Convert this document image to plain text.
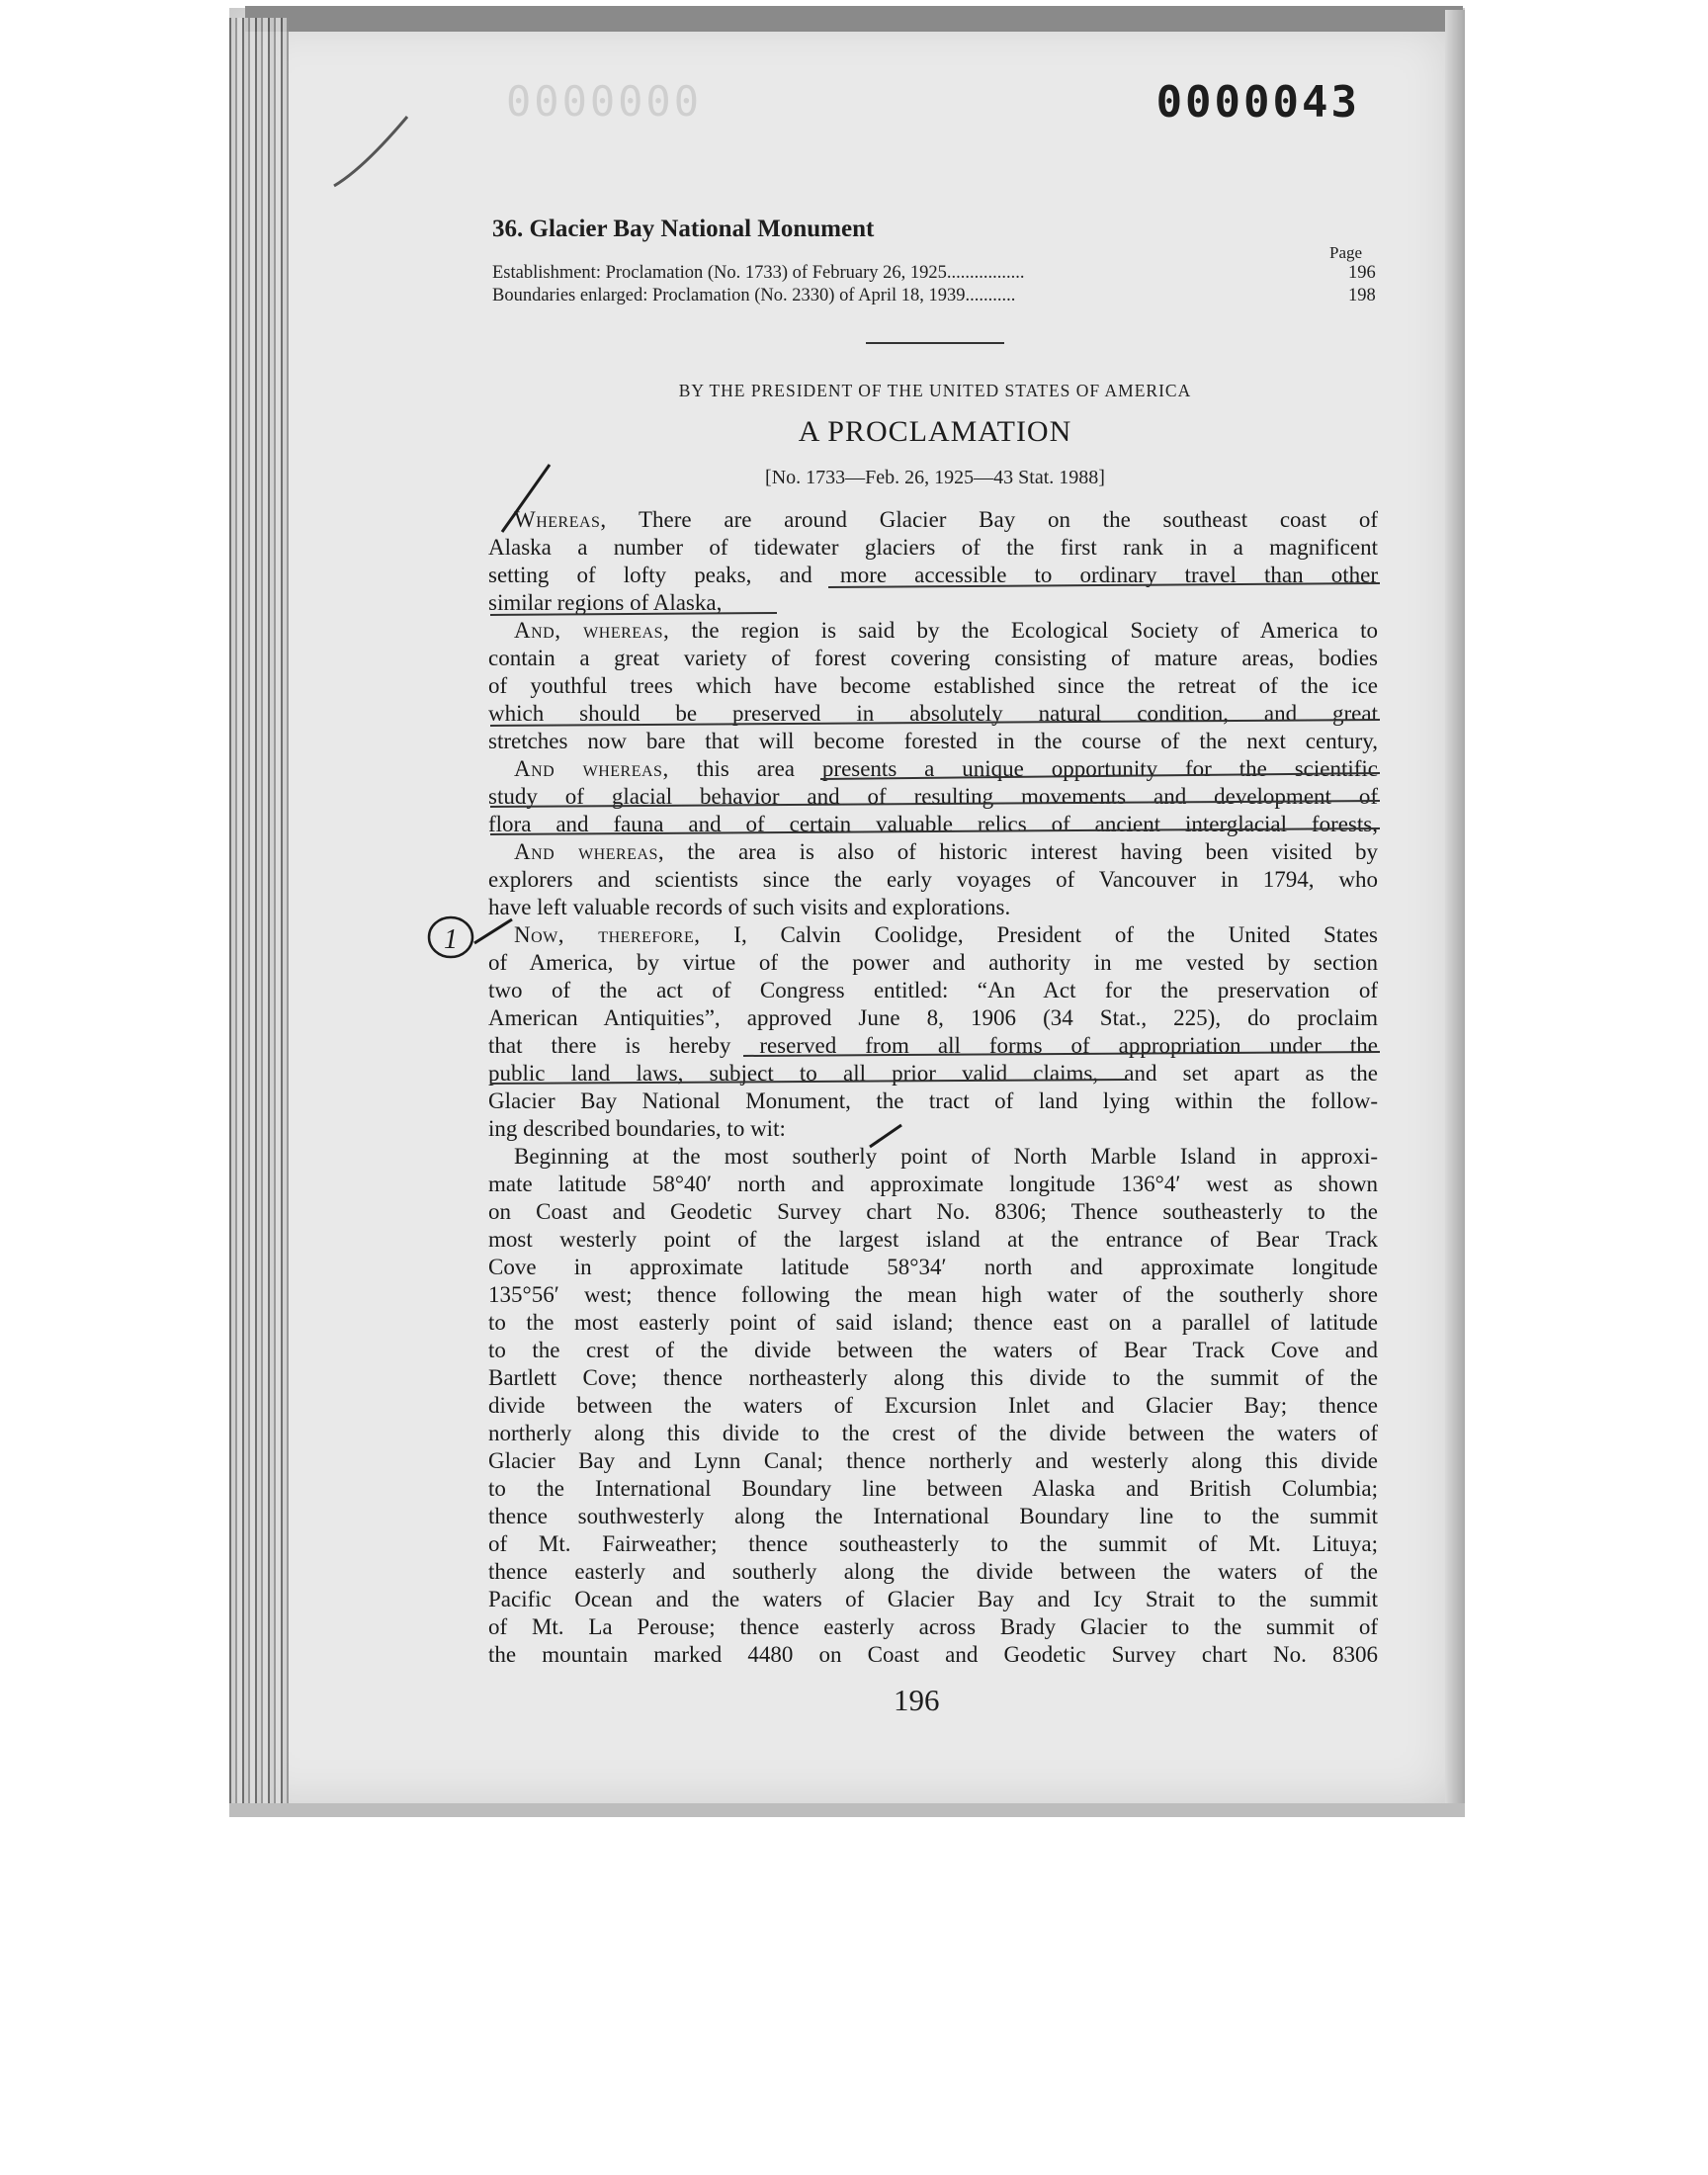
0000000	0000043
36. Glacier Bay National Monument
Page
Establishment: Proclamation (No. 1733) of February 26, 1925.................	196
Boundaries enlarged: Proclamation (No. 2330) of April 18, 1939...........	198
BY THE PRESIDENT OF THE UNITED STATES OF AMERICA
A PROCLAMATION
[No. 1733—Feb. 26, 1925—43 Stat. 1988]
Whereas, There are around Glacier Bay on the southeast coast of
Alaska a number of tidewater glaciers of the first rank in a magnificent
setting of lofty peaks, and more accessible to ordinary travel than other
similar regions of Alaska,
And, whereas, the region is said by the Ecological Society of America to
contain a great variety of forest covering consisting of mature areas, bodies
of youthful trees which have become established since the retreat of the ice
which should be preserved in absolutely natural condition, and great
stretches now bare that will become forested in the course of the next century,
And whereas, this area presents a unique opportunity for the scientific
study of glacial behavior and of resulting movements and development of
flora and fauna and of certain valuable relics of ancient interglacial forests,
And whereas, the area is also of historic interest having been visited by
explorers and scientists since the early voyages of Vancouver in 1794, who
have left valuable records of such visits and explorations.
Now, therefore, I, Calvin Coolidge, President of the United States
of America, by virtue of the power and authority in me vested by section
two of the act of Congress entitled: “An Act for the preservation of
American Antiquities”, approved June 8, 1906 (34 Stat., 225), do proclaim
that there is hereby reserved from all forms of appropriation under the
public land laws, subject to all prior valid claims, and set apart as the
Glacier Bay National Monument, the tract of land lying within the follow-
ing described boundaries, to wit:
Beginning at the most southerly point of North Marble Island in approxi-
mate latitude 58°40′ north and approximate longitude 136°4′ west as shown
on Coast and Geodetic Survey chart No. 8306; Thence southeasterly to the
most westerly point of the largest island at the entrance of Bear Track
Cove in approximate latitude 58°34′ north and approximate longitude
135°56′ west; thence following the mean high water of the southerly shore
to the most easterly point of said island; thence east on a parallel of latitude
to the crest of the divide between the waters of Bear Track Cove and
Bartlett Cove; thence northeasterly along this divide to the summit of the
divide between the waters of Excursion Inlet and Glacier Bay; thence
northerly along this divide to the crest of the divide between the waters of
Glacier Bay and Lynn Canal; thence northerly and westerly along this divide
to the International Boundary line between Alaska and British Columbia;
thence southwesterly along the International Boundary line to the summit
of Mt. Fairweather; thence southeasterly to the summit of Mt. Lituya;
thence easterly and southerly along the divide between the waters of the
Pacific Ocean and the waters of Glacier Bay and Icy Strait to the summit
of Mt. La Perouse; thence easterly across Brady Glacier to the summit of
the mountain marked 4480 on Coast and Geodetic Survey chart No. 8306
196
1
